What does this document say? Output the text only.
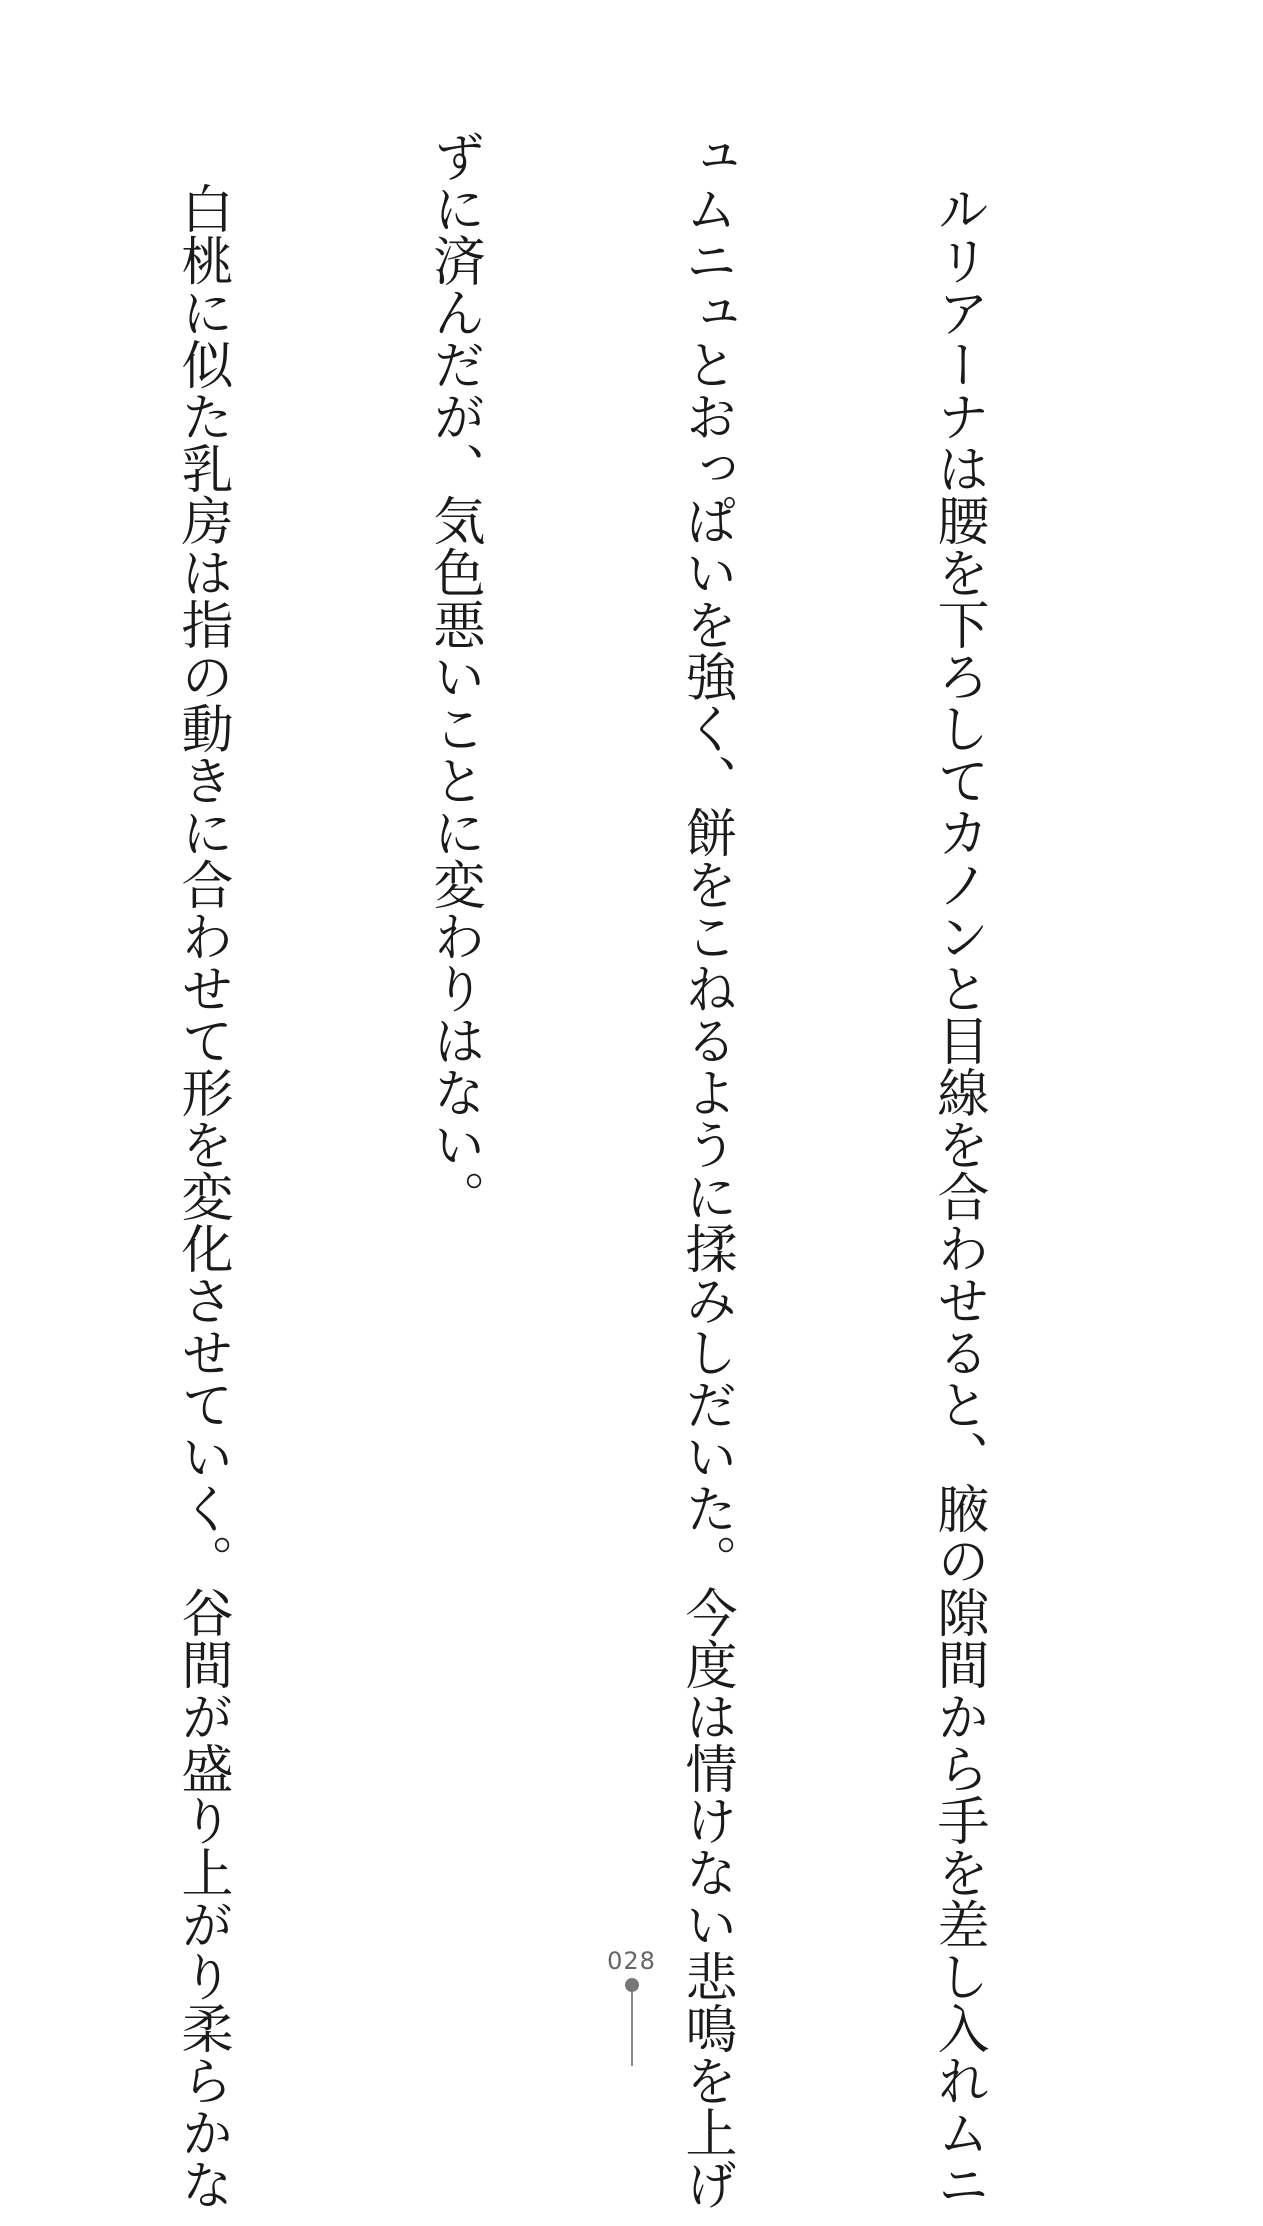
　ルリアーナは腰を下ろしてカノンと目線を合わせると、腋の隙間から手を差し入れムニ

ュムニュとおっぱいを強く、餅をこねるように揉みしだいた。今度は情けない悲鳴を上げ

ずに済んだが、気色悪いことに変わりはない。

　白桃に似た乳房は指の動きに合わせて形を変化させていく。谷間が盛り上がり柔らかな

	028
